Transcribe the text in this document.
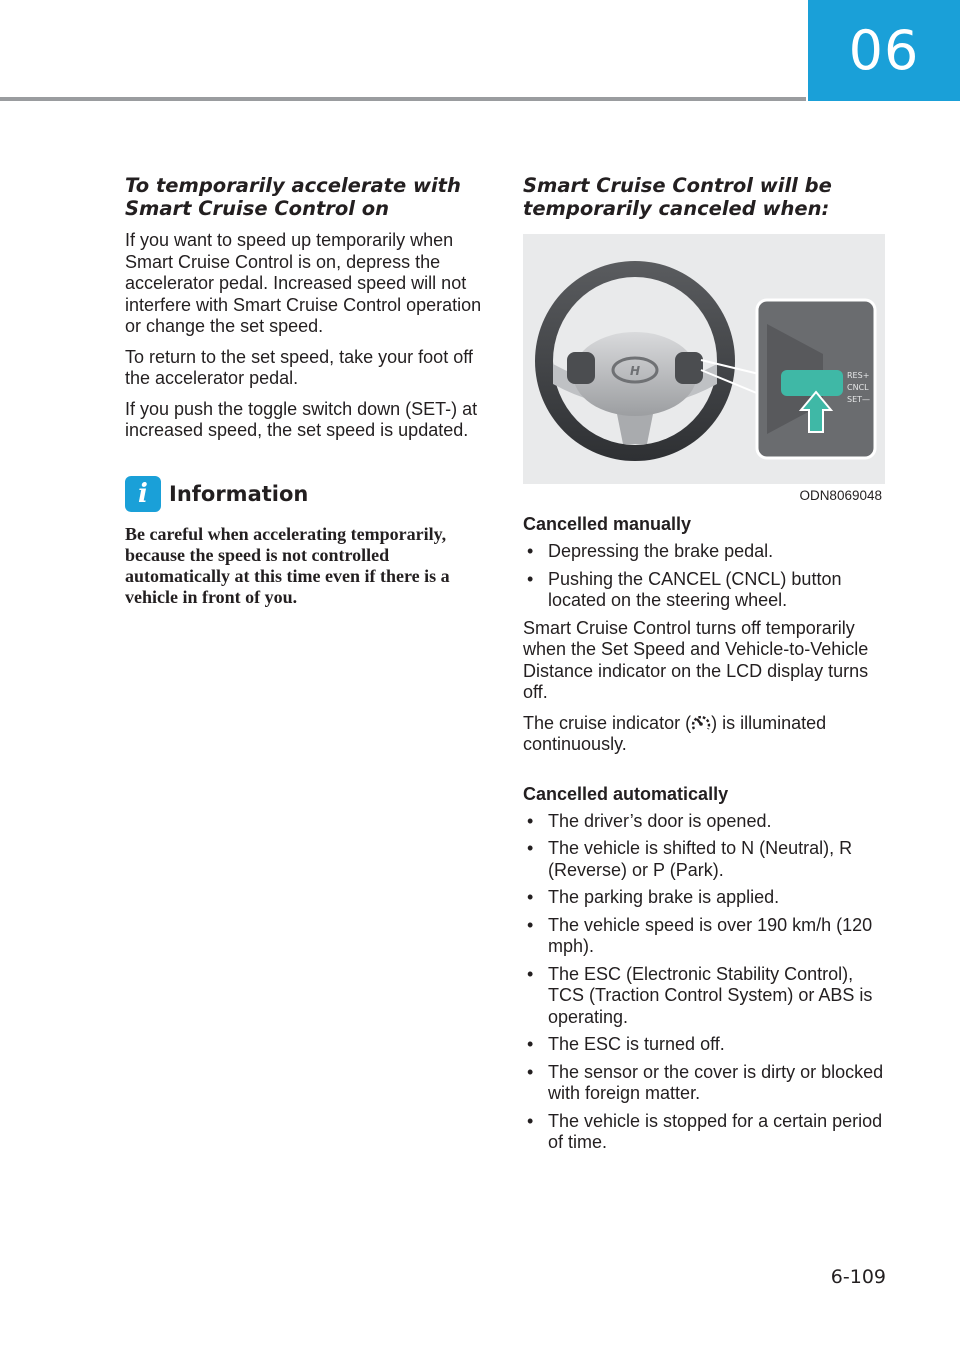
06
To temporarily accelerate with Smart Cruise Control on

If you want to speed up temporarily when Smart Cruise Control is on, depress the accelerator pedal. Increased speed will not interfere with Smart Cruise Control operation or change the set speed.

To return to the set speed, take your foot off the accelerator pedal.

If you push the toggle switch down (SET-) at increased speed, the set speed is updated.

i	Information

Be careful when accelerating temporarily, because the speed is not controlled automatically at this time even if there is a vehicle in front of you.

Smart Cruise Control will be temporarily canceled when:
H	RES+
CNCL
SET—
ODN8069048
Cancelled manually
• Depressing the brake pedal.
• Pushing the CANCEL (CNCL) button located on the steering wheel.

Smart Cruise Control turns off temporarily when the Set Speed and Vehicle-to-Vehicle Distance indicator on the LCD display turns off.

The cruise indicator ( ) is illuminated continuously.

Cancelled automatically
• The driver’s door is opened.
• The vehicle is shifted to N (Neutral), R (Reverse) or P (Park).
• The parking brake is applied.
• The vehicle speed is over 190 km/h (120 mph).
• The ESC (Electronic Stability Control), TCS (Traction Control System) or ABS is operating.
• The ESC is turned off.
• The sensor or the cover is dirty or blocked with foreign matter.
• The vehicle is stopped for a certain period of time.
6-109
